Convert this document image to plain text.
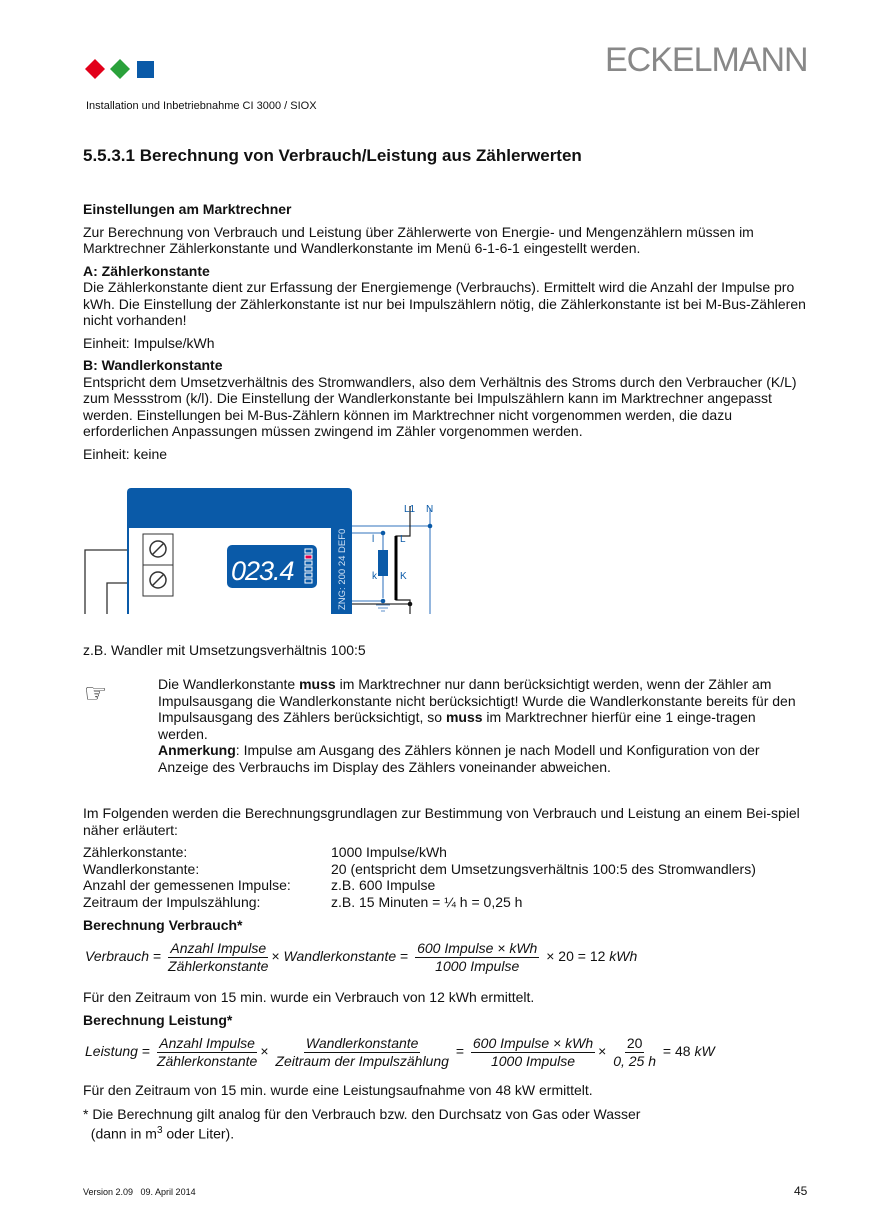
ECKELMANN
Installation und Inbetriebnahme CI 3000 / SIOX
5.5.3.1 Berechnung von Verbrauch/Leistung aus Zählerwerten

Einstellungen am Marktrechner

Zur Berechnung von Verbrauch und Leistung über Zählerwerte von Energie- und Mengenzählern müssen im Marktrechner Zählerkonstante und Wandlerkonstante im Menü 6-1-6-1 eingestellt werden.

A: Zählerkonstante

Die Zählerkonstante dient zur Erfassung der Energiemenge (Verbrauchs). Ermittelt wird die Anzahl der Impulse pro kWh. Die Einstellung der Zählerkonstante ist nur bei Impulszählern nötig, die Zählerkonstante ist bei M-Bus-Zähleren nicht vorhanden!

Einheit: Impulse/kWh

B: Wandlerkonstante

Entspricht dem Umsetzverhältnis des Stromwandlers, also dem Verhältnis des Stroms durch den Verbraucher (K/L) zum Messstrom (k/l). Die Einstellung der Wandlerkonstante bei Impulszählern kann im Marktrechner angepasst werden. Einstellungen bei M-Bus-Zählern können im Marktrechner nicht vorgenommen werden, die dazu erforderlichen Anpassungen müssen zwingend im Zähler vorgenommen werden.

Einheit: keine

023.4	ZNG: 200 24 DEF0
L1 N
l	L
k K

z.B. Wandler mit Umsetzungsverhältnis 100:5

☞	Die Wandlerkonstante muss im Marktrechner nur dann berücksichtigt werden, wenn der Zähler am Impulsausgang die Wandlerkonstante nicht berücksichtigt! Wurde die Wandlerkonstante bereits für den Impulsausgang des Zählers berücksichtigt, so muss im Marktrechner hierfür eine 1 einge-tragen werden.
Anmerkung: Impulse am Ausgang des Zählers können je nach Modell und Konfiguration von der Anzeige des Verbrauchs im Display des Zählers voneinander abweichen.

Im Folgenden werden die Berechnungsgrundlagen zur Bestimmung von Verbrauch und Leistung an einem Bei-spiel näher erläutert:

Zählerkonstante:	1000 Impulse/kWh
Wandlerkonstante:	20 (entspricht dem Umsetzungsverhältnis 100:5 des Stromwandlers)
Anzahl der gemessenen Impulse:	z.B. 600 Impulse
Zeitraum der Impulszählung:	z.B. 15 Minuten = ¼ h = 0,25 h

Berechnung Verbrauch*

Verbrauch = $\frac{\text{Anzahl Impulse}}{\text{Zählerkonstante}}$ × Wandlerkonstante = $\frac{\text{600 Impulse × kWh}}{\text{1000 Impulse}} \times 20 = 12$ kWh

Für den Zeitraum von 15 min. wurde ein Verbrauch von 12 kWh ermittelt.

Berechnung Leistung*

Leistung = $\frac{\text{Anzahl Impulse}}{\text{Zählerkonstante}} \times \frac{\text{Wandlerkonstante}}{\text{Zeitraum der Impulszählung}} = \frac{\text{600 Impulse × kWh}}{\text{1000 Impulse}} \times \frac{20}{0, 25 h} = 48$ kW

Für den Zeitraum von 15 min. wurde eine Leistungsaufnahme von 48 kW ermittelt.

* Die Berechnung gilt analog für den Verbrauch bzw. den Durchsatz von Gas oder Wasser
(dann in $m^3$ oder Liter).

Version 2.09   09. April 2014	45
